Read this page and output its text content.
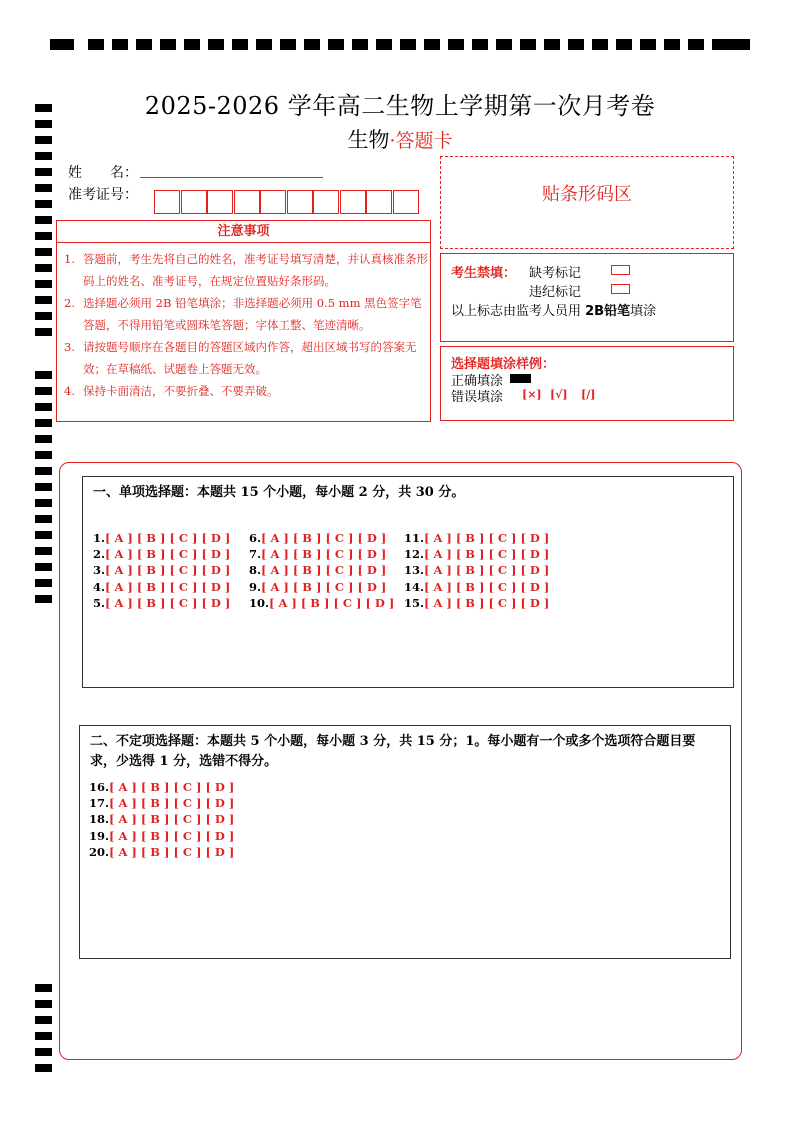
2025-2026 学年高二生物上学期第一次月考卷
生物·答题卡
姓　　名：
准考证号：	贴条形码区
注意事项
1. 答题前，考生先将自己的姓名，准考证号填写清楚，并认真核准条形码上的姓名、准考证号，在规定位置贴好条形码。
2. 选择题必须用 2B 铅笔填涂；非选择题必须用 0.5 mm 黑色签字笔答题，不得用铅笔或圆珠笔答题；字体工整、笔迹清晰。
3. 请按题号顺序在各题目的答题区域内作答，超出区域书写的答案无效；在草稿纸、试题卷上答题无效。
4. 保持卡面清洁，不要折叠、不要弄破。
考生禁填： 缺考标记
违纪标记
以上标志由监考人员用 2B铅笔填涂
选择题填涂样例：
正确填涂
错误填涂 [×] [√] [/]
一、单项选择题：本题共 15 个小题，每小题 2 分，共 30 分。
1.[ A ] [ B ] [ C ] [ D ]
2.[ A ] [ B ] [ C ] [ D ]
3.[ A ] [ B ] [ C ] [ D ]
4.[ A ] [ B ] [ C ] [ D ]
5.[ A ] [ B ] [ C ] [ D ]
6.[ A ] [ B ] [ C ] [ D ]
7.[ A ] [ B ] [ C ] [ D ]
8.[ A ] [ B ] [ C ] [ D ]
9.[ A ] [ B ] [ C ] [ D ]
10.[ A ] [ B ] [ C ] [ D ]
11.[ A ] [ B ] [ C ] [ D ]
12.[ A ] [ B ] [ C ] [ D ]
13.[ A ] [ B ] [ C ] [ D ]
14.[ A ] [ B ] [ C ] [ D ]
15.[ A ] [ B ] [ C ] [ D ]
二、不定项选择题：本题共 5 个小题，每小题 3 分，共 15 分；1。每小题有一个或多个选项符合题目要
求，少选得 1 分，选错不得分。
16.[ A ] [ B ] [ C ] [ D ]
17.[ A ] [ B ] [ C ] [ D ]
18.[ A ] [ B ] [ C ] [ D ]
19.[ A ] [ B ] [ C ] [ D ]
20.[ A ] [ B ] [ C ] [ D ]
